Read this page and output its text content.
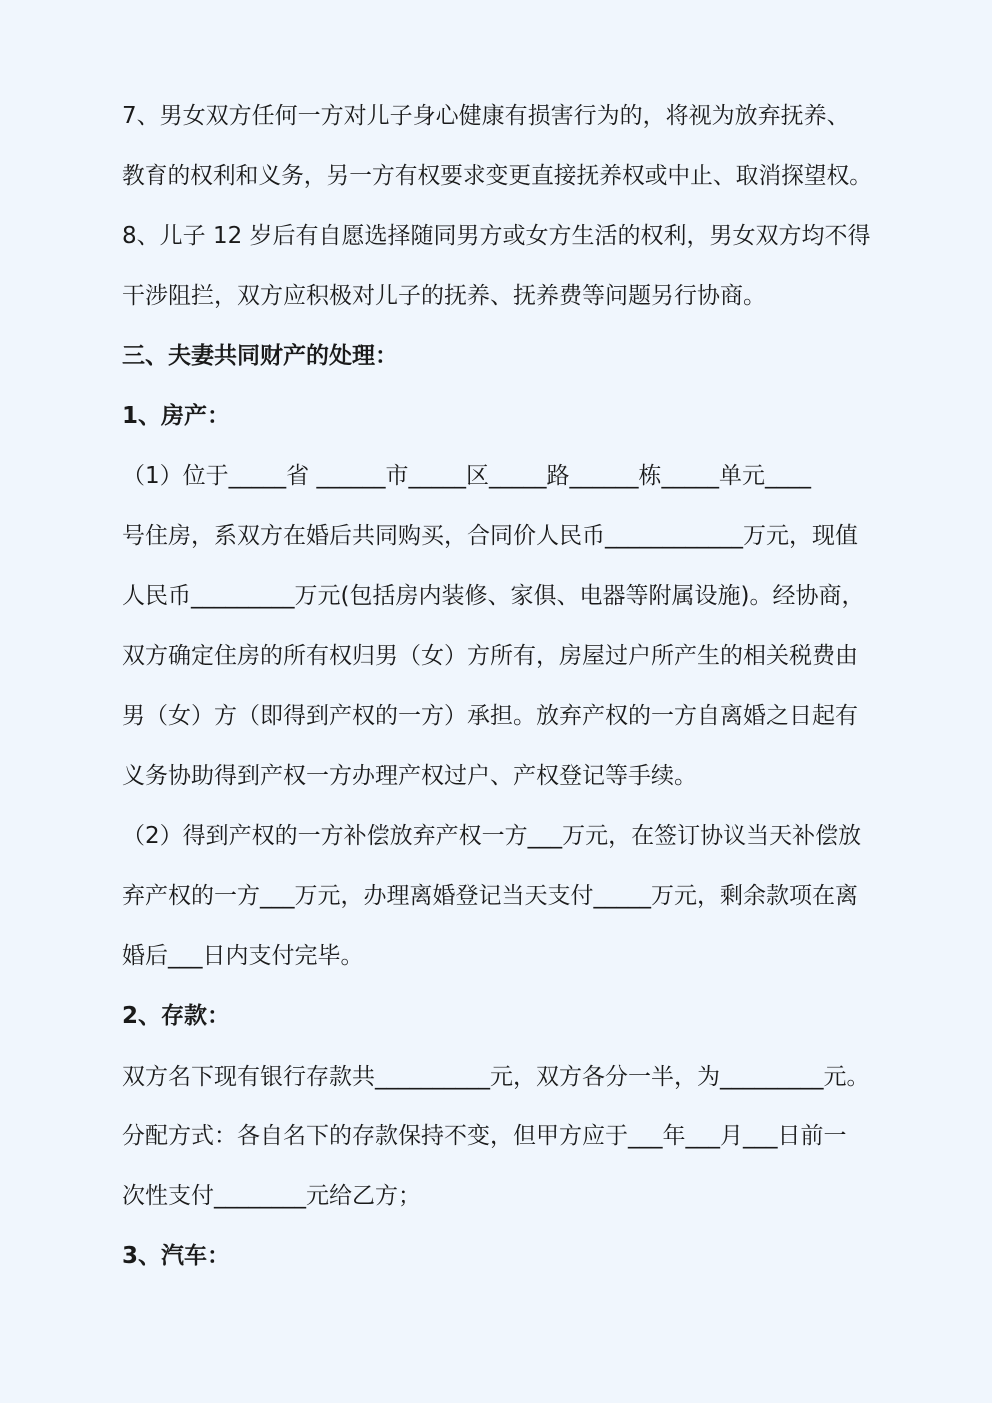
7、男女双方任何一方对儿子身心健康有损害行为的，将视为放弃抚养、
教育的权利和义务，另一方有权要求变更直接抚养权或中止、取消探望权。
8、儿子 12 岁后有自愿选择随同男方或女方生活的权利，男女双方均不得
干涉阻拦，双方应积极对儿子的抚养、抚养费等问题另行协商。
三、夫妻共同财产的处理：
1、房产：
（1）位于_____省 ______市_____区_____路______栋_____单元____
号住房，系双方在婚后共同购买，合同价人民币____________万元，现值
人民币_________万元(包括房内装修、家俱、电器等附属设施)。经协商，
双方确定住房的所有权归男（女）方所有，房屋过户所产生的相关税费由
男（女）方（即得到产权的一方）承担。放弃产权的一方自离婚之日起有
义务协助得到产权一方办理产权过户、产权登记等手续。
（2）得到产权的一方补偿放弃产权一方___万元，在签订协议当天补偿放
弃产权的一方___万元，办理离婚登记当天支付_____万元，剩余款项在离
婚后___日内支付完毕。
2、存款：
双方名下现有银行存款共__________元，双方各分一半，为_________元。
分配方式：各自名下的存款保持不变，但甲方应于___年___月___日前一
次性支付________元给乙方；
3、汽车：
